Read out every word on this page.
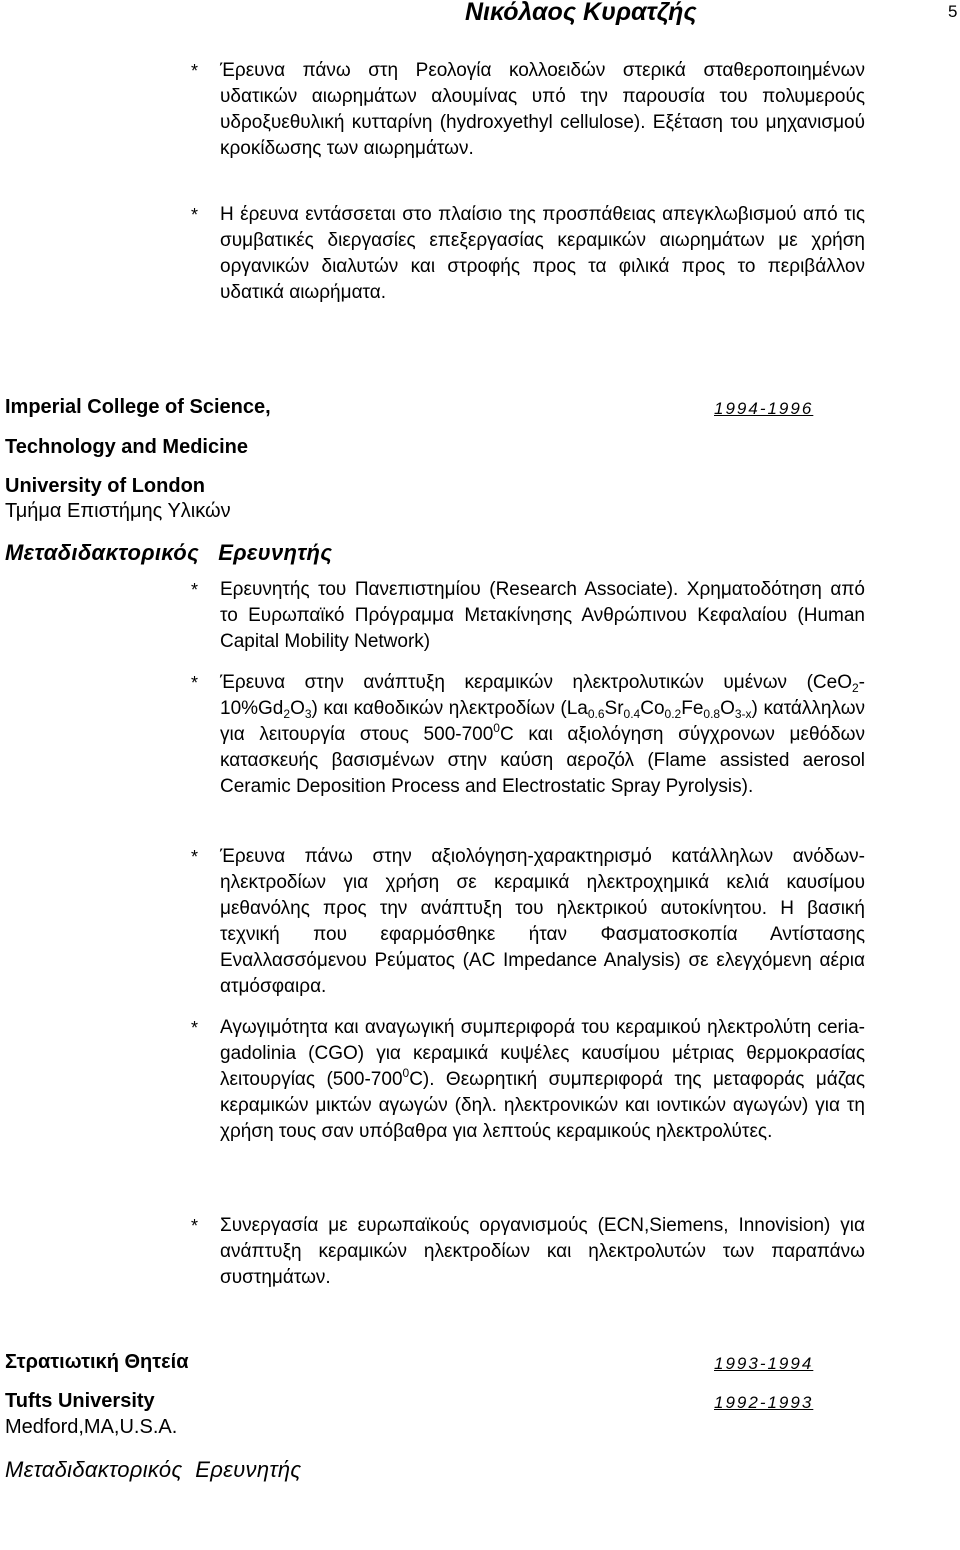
Νικόλαος Κυρατζής	5
* Έρευνα πάνω στη Ρεολογία κολλοειδών στερικά σταθεροποιημένων υδατικών αιωρημάτων αλουμίνας υπό την παρουσία του πολυμερούς υδροξυεθυλική κυτταρίνη (hydroxyethyl cellulose). Εξέταση του μηχανισμού κροκίδωσης των αιωρημάτων.
* Η έρευνα εντάσσεται στο πλαίσιο της προσπάθειας απεγκλωβισμού από τις συμβατικές διεργασίες επεξεργασίας κεραμικών αιωρημάτων με χρήση οργανικών διαλυτών και στροφής προς τα φιλικά προς το περιβάλλον υδατικά αιωρήματα.
Imperial College of Science,	1994-1996
Technology and Medicine
University of London
Τμήμα Επιστήμης Υλικών
Μεταδιδακτορικός Ερευνητής
* Ερευνητής του Πανεπιστημίου (Research Associate). Χρηματοδότηση από το Ευρωπαϊκό Πρόγραμμα Μετακίνησης Ανθρώπινου Κεφαλαίου (Human Capital Mobility Network)
* Έρευνα στην ανάπτυξη κεραμικών ηλεκτρολυτικών υμένων $(CeO_2-10\%Gd_2O_3)$ και καθοδικών ηλεκτροδίων $(La_{0.6}Sr_{0.4}Co_{0.2}Fe_{0.8}O_{3-x})$ κατάλληλων για λειτουργία στους $500-700^0C$ και αξιολόγηση σύγχρονων μεθόδων κατασκευής βασισμένων στην καύση αεροζόλ (Flame assisted aerosol Ceramic Deposition Process and Electrostatic Spray Pyrolysis).
* Έρευνα πάνω στην αξιολόγηση-χαρακτηρισμό κατάλληλων ανόδων-ηλεκτροδίων για χρήση σε κεραμικά ηλεκτροχημικά κελιά καυσίμου μεθανόλης προς την ανάπτυξη του ηλεκτρικού αυτοκίνητου. Η βασική τεχνική που εφαρμόσθηκε ήταν Φασματοσκοπία Αντίστασης Εναλλασσόμενου Ρεύματος (AC Impedance Analysis) σε ελεγχόμενη αέρια ατμόσφαιρα.
* Αγωγιμότητα και αναγωγική συμπεριφορά του κεραμικού ηλεκτρολύτη ceria-gadolinia (CGO) για κεραμικά κυψέλες καυσίμου μέτριας θερμοκρασίας λειτουργίας $(500-700^0C)$. Θεωρητική συμπεριφορά της μεταφοράς μάζας κεραμικών μικτών αγωγών (δηλ. ηλεκτρονικών και ιοντικών αγωγών) για τη χρήση τους σαν υπόβαθρα για λεπτούς κεραμικούς ηλεκτρολύτες.
* Συνεργασία με ευρωπαϊκούς οργανισμούς (ECN,Siemens, Innovision) για ανάπτυξη κεραμικών ηλεκτροδίων και ηλεκτρολυτών των παραπάνω συστημάτων.
Στρατιωτική Θητεία	1993-1994
Tufts University	1992-1993
Medford,MA,U.S.A.
Μεταδιδακτορικός Ερευνητής
